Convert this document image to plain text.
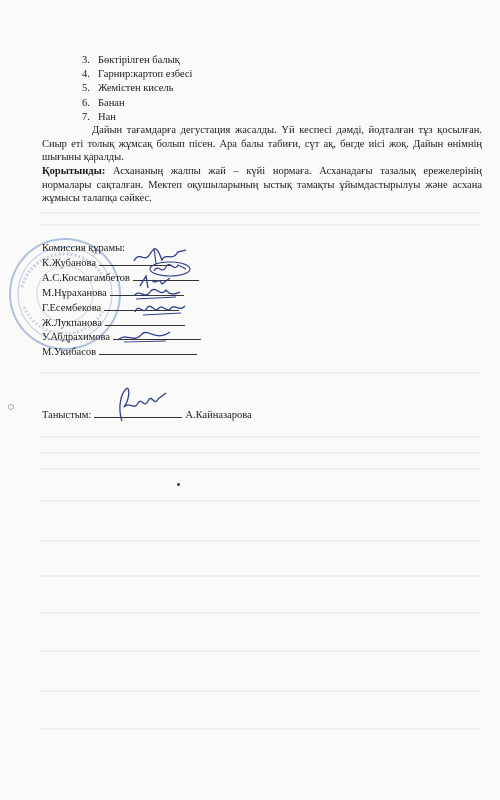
3. Бөктірілген балық
4. Гарнир:картоп езбесі
5. Жемістен кисель
6. Банан
7. Нан

Дайын тағамдарға дегустация жасалды. Үй кеспесі дәмді, йодталған тұз қосылған. Сиыр еті толық жұмсақ болып пісен. Ара балы табиғи, сүт ақ, бөгде иісі жоқ. Дайын өнімнің шығыны қаралды.

Қорытынды: Асхананың жалпы жай – күйі нормаға. Асханадағы тазалық ережелерінің нормалары сақталған. Мектеп оқушыларының ыстық тамақты ұйымдастырылуы және асхана жұмысы талапқа сәйкес.

Комиссия құрамы:
К.Жубанова
А.С.Космагамбетов
М.Нұраханова
Г.Есембекова
Ж.Лукпанова
У.Абдрахимова
М.Укибасов
Таныстым:	А.Кайназарова
